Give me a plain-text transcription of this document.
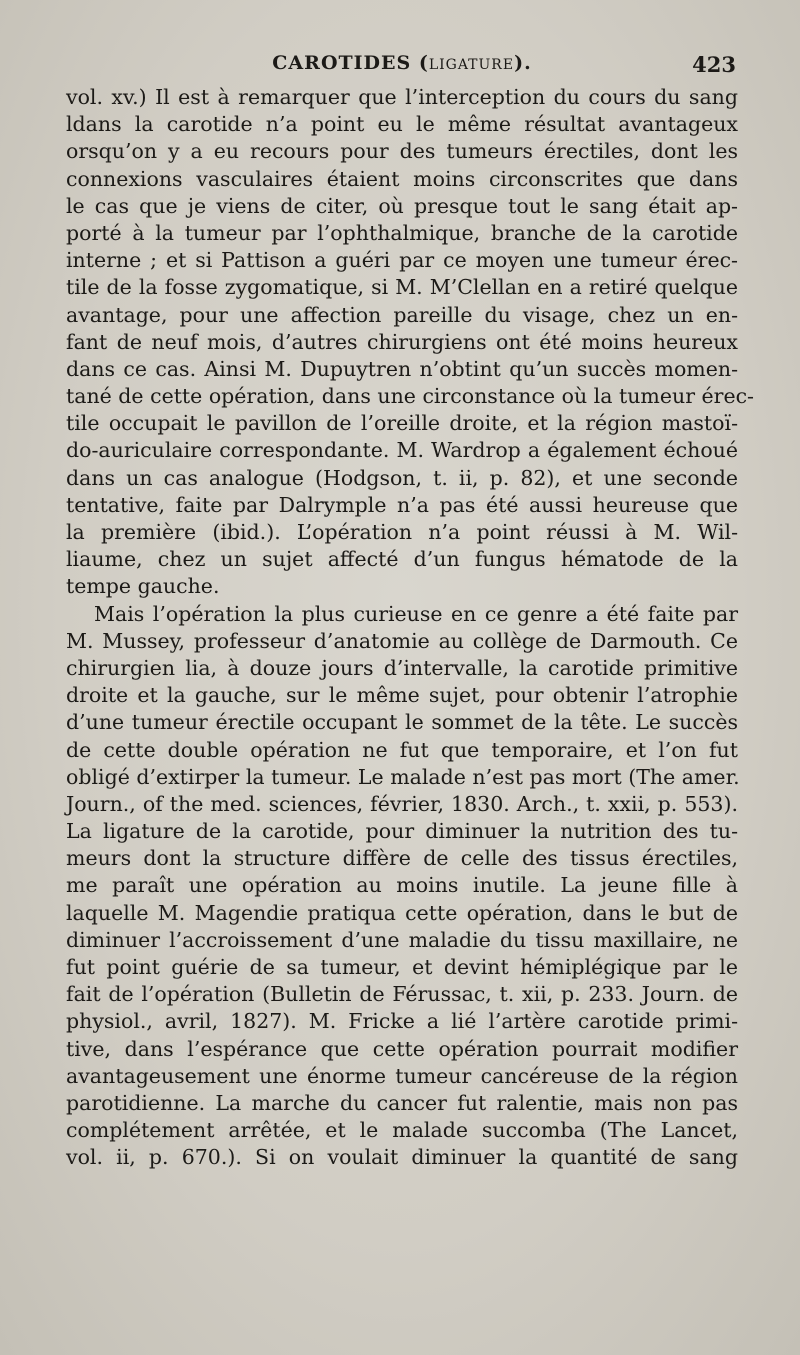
CAROTIDES (LIGATURE).	423
vol. xv.) Il est à remarquer que l’interception du cours du sang
ldans la carotide n’a point eu le même résultat avantageux
orsqu’on y a eu recours pour des tumeurs érectiles, dont les
connexions vasculaires étaient moins circonscrites que dans
le cas que je viens de citer, où presque tout le sang était ap-
porté à la tumeur par l’ophthalmique, branche de la carotide
interne ; et si Pattison a guéri par ce moyen une tumeur érec-
tile de la fosse zygomatique, si M. M’Clellan en a retiré quelque
avantage, pour une affection pareille du visage, chez un en-
fant de neuf mois, d’autres chirurgiens ont été moins heureux
dans ce cas. Ainsi M. Dupuytren n’obtint qu’un succès momen-
tané de cette opération, dans une circonstance où la tumeur érec-
tile occupait le pavillon de l’oreille droite, et la région mastoï-
do-auriculaire correspondante. M. Wardrop a également échoué
dans un cas analogue (Hodgson, t. ii, p. 82), et une seconde
tentative, faite par Dalrymple n’a pas été aussi heureuse que
la première (ibid.). L’opération n’a point réussi à M. Wil-
liaume, chez un sujet affecté d’un fungus hématode de la
tempe gauche.
Mais l’opération la plus curieuse en ce genre a été faite par
M. Mussey, professeur d’anatomie au collège de Darmouth. Ce
chirurgien lia, à douze jours d’intervalle, la carotide primitive
droite et la gauche, sur le même sujet, pour obtenir l’atrophie
d’une tumeur érectile occupant le sommet de la tête. Le succès
de cette double opération ne fut que temporaire, et l’on fut
obligé d’extirper la tumeur. Le malade n’est pas mort (The amer.
Journ., of the med. sciences, février, 1830. Arch., t. xxii, p. 553).
La ligature de la carotide, pour diminuer la nutrition des tu-
meurs dont la structure diffère de celle des tissus érectiles,
me paraît une opération au moins inutile. La jeune fille à
laquelle M. Magendie pratiqua cette opération, dans le but de
diminuer l’accroissement d’une maladie du tissu maxillaire, ne
fut point guérie de sa tumeur, et devint hémiplégique par le
fait de l’opération (Bulletin de Férussac, t. xii, p. 233. Journ. de
physiol., avril, 1827). M. Fricke a lié l’artère carotide primi-
tive, dans l’espérance que cette opération pourrait modifier
avantageusement une énorme tumeur cancéreuse de la région
parotidienne. La marche du cancer fut ralentie, mais non pas
complétement arrêtée, et le malade succomba (The Lancet,
vol. ii, p. 670.). Si on voulait diminuer la quantité de sang
